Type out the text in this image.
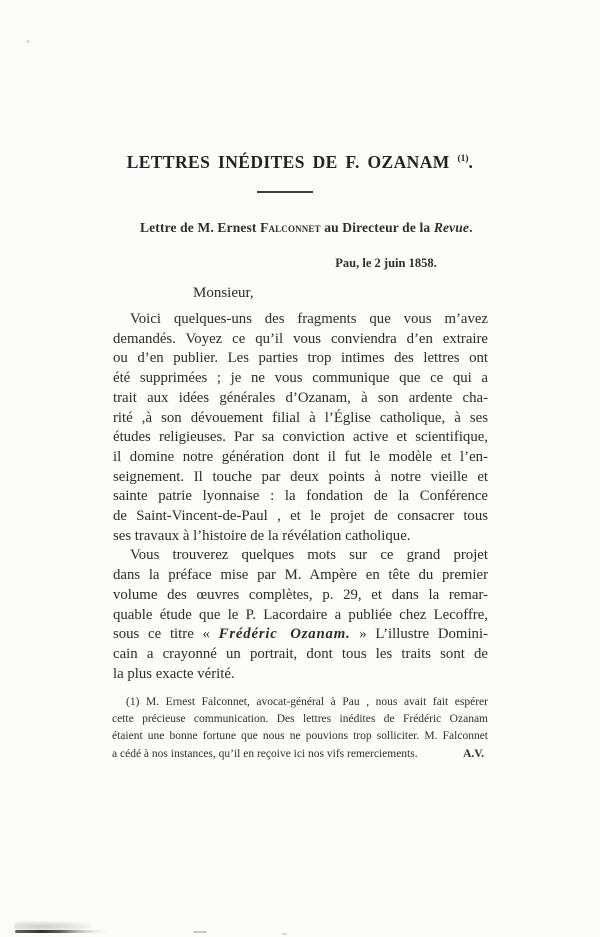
LETTRES INÉDITES DE F. OZANAM $^{(1)}$.

Lettre de M. Ernest Falconnet au Directeur de la Revue.

Pau, le 2 juin 1858.

Monsieur,

Voici quelques-uns des fragments que vous m’avez
demandés. Voyez ce qu’il vous conviendra d’en extraire
ou d’en publier. Les parties trop intimes des lettres ont
été supprimées ; je ne vous communique que ce qui a
trait aux idées générales d’Ozanam, à son ardente cha-
rité ,à son dévouement filial à l’Église catholique, à ses
études religieuses. Par sa conviction active et scientifique,
il domine notre génération dont il fut le modèle et l’en-
seignement. Il touche par deux points à notre vieille et
sainte patrie lyonnaise : la fondation de la Conférence
de Saint-Vincent-de-Paul , et le projet de consacrer tous
ses travaux à l’histoire de la révélation catholique.
Vous trouverez quelques mots sur ce grand projet
dans la préface mise par M. Ampère en tête du premier
volume des œuvres complètes, p. 29, et dans la remar-
quable étude que le P. Lacordaire a publiée chez Lecoffre,
sous ce titre « Frédéric Ozanam. » L’illustre Domini-
cain a crayonné un portrait, dont tous les traits sont de
la plus exacte vérité.
(1) M. Ernest Falconnet, avocat-général à Pau , nous avait fait espérer
cette précieuse communication. Des lettres inédites de Frédéric Ozanam
étaient une bonne fortune que nous ne pouvions trop solliciter. M. Falconnet
a cédé à nos instances, qu’il en reçoive ici nos vifs remerciements.	A.V.
